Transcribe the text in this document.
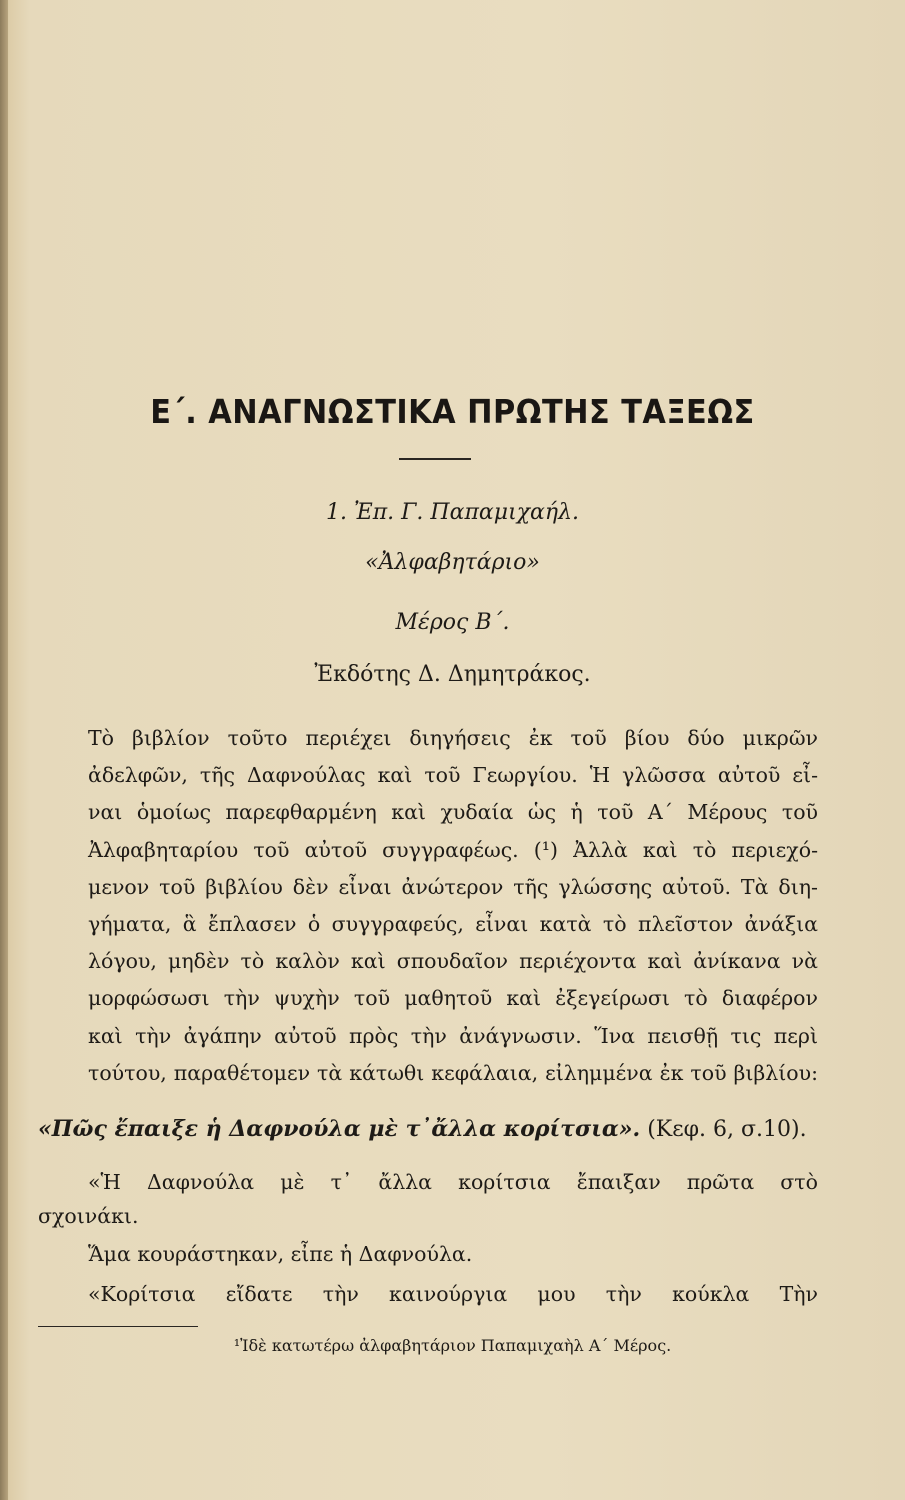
Ε΄. ΑΝΑΓΝΩΣΤΙΚΑ ΠΡΩΤΗΣ ΤΑΞΕΩΣ
1. Ἐπ. Γ. Παπαμιχαήλ.
«Ἀλφαβητάριο»
Μέρος Β΄.
Ἐκδότης Δ. Δημητράκος.
Τὸ βιβλίον τοῦτο περιέχει διηγήσεις ἐκ τοῦ βίου δύο μικρῶν
ἀδελφῶν, τῆς Δαφνούλας καὶ τοῦ Γεωργίου. Ἡ γλῶσσα αὐτοῦ εἶ-
ναι ὁμοίως παρεφθαρμένη καὶ χυδαία ὡς ἡ τοῦ Α΄ Μέρους τοῦ
Ἀλφαβηταρίου τοῦ αὐτοῦ συγγραφέως. (¹) Ἀλλὰ καὶ τὸ περιεχό-
μενον τοῦ βιβλίου δὲν εἶναι ἀνώτερον τῆς γλώσσης αὐτοῦ. Τὰ διη-
γήματα, ἃ ἔπλασεν ὁ συγγραφεύς, εἶναι κατὰ τὸ πλεῖστον ἀνάξια
λόγου, μηδὲν τὸ καλὸν καὶ σπουδαῖον περιέχοντα καὶ ἀνίκανα νὰ
μορφώσωσι τὴν ψυχὴν τοῦ μαθητοῦ καὶ ἐξεγείρωσι τὸ διαφέρον
καὶ τὴν ἀγάπην αὐτοῦ πρὸς τὴν ἀνάγνωσιν. Ἵνα πεισθῇ τις περὶ
τούτου, παραθέτομεν τὰ κάτωθι κεφάλαια, εἰλημμένα ἐκ τοῦ βιβλίου:
«Πῶς ἔπαιξε ἡ Δαφνούλα μὲ τ᾽ἄλλα κορίτσια». (Κεφ. 6, σ.10).
«Ἡ Δαφνούλα μὲ τ᾽ ἄλλα κορίτσια ἔπαιξαν πρῶτα στὸ
σχοινάκι.
Ἅμα κουράστηκαν, εἶπε ἡ Δαφνούλα.
«Κορίτσια εἴδατε τὴν καινούργια μου τὴν κούκλα Τὴν
¹Ἰδὲ κατωτέρω ἀλφαβητάριον Παπαμιχαὴλ Α΄ Μέρος.
